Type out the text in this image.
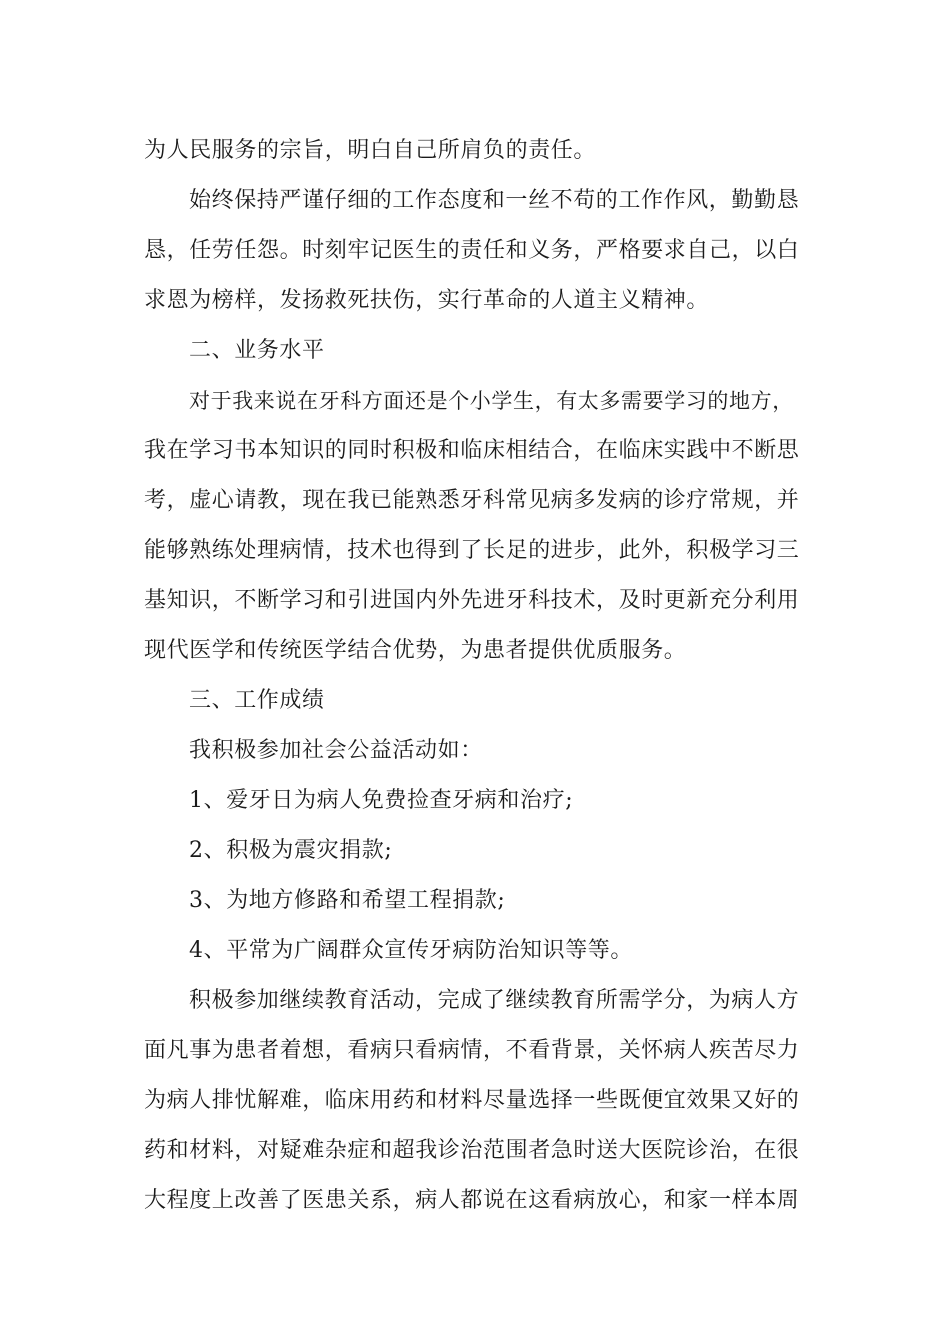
为人民服务的宗旨，明白自己所肩负的责任。
始终保持严谨仔细的工作态度和一丝不苟的工作作风，勤勤恳
恳，任劳任怨。时刻牢记医生的责任和义务，严格要求自己，以白
求恩为榜样，发扬救死扶伤，实行革命的人道主义精神。
二、业务水平
对于我来说在牙科方面还是个小学生，有太多需要学习的地方，
我在学习书本知识的同时积极和临床相结合，在临床实践中不断思
考，虚心请教，现在我已能熟悉牙科常见病多发病的诊疗常规，并
能够熟练处理病情，技术也得到了长足的进步，此外，积极学习三
基知识，不断学习和引进国内外先进牙科技术，及时更新充分利用
现代医学和传统医学结合优势，为患者提供优质服务。
三、工作成绩
我积极参加社会公益活动如：
1、爱牙日为病人免费捡查牙病和治疗;
2、积极为震灾捐款;
3、为地方修路和希望工程捐款;
4、平常为广阔群众宣传牙病防治知识等等。
积极参加继续教育活动，完成了继续教育所需学分，为病人方
面凡事为患者着想，看病只看病情，不看背景，关怀病人疾苦尽力
为病人排忧解难，临床用药和材料尽量选择一些既便宜效果又好的
药和材料，对疑难杂症和超我诊治范围者急时送大医院诊治，在很
大程度上改善了医患关系，病人都说在这看病放心，和家一样本周
